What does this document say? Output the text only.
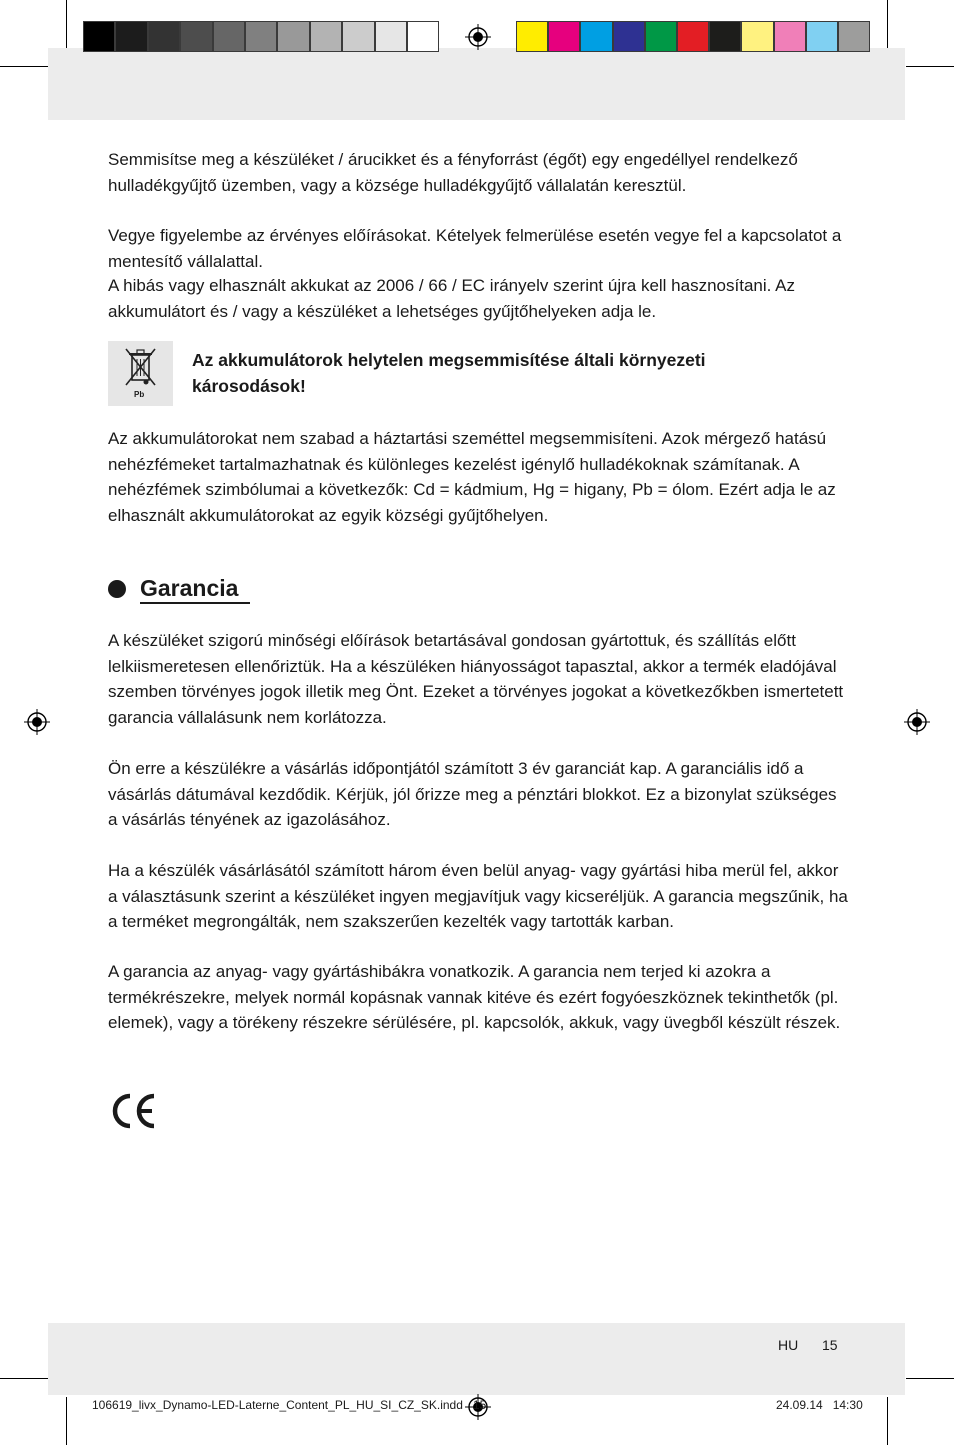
Semmisítse meg a készüléket / árucikket és a fényforrást (égőt) egy engedéllyel rendelkező hulladékgyűjtő üzemben, vagy a községe hulladékgyűjtő vállalatán keresztül.

Vegye figyelembe az érvényes előírásokat. Kételyek felmerülése esetén vegye fel a kapcsolatot a mentesítő vállalattal.

A hibás vagy elhasznált akkukat az 2006 / 66 / EC irányelv szerint újra kell hasznosítani. Az akkumulátort és / vagy a készüléket a lehetséges gyűjtőhelyeken adja le.

Pb

Az akkumulátorok helytelen megsemmisítése általi környezeti károsodások!

Az akkumulátorokat nem szabad a háztartási szeméttel megsemmisíteni. Azok mérgező hatású nehézfémeket tartalmazhatnak és különleges kezelést igénylő hulladékoknak számítanak. A nehézfémek szimbólumai a következők: Cd = kádmium, Hg = higany, Pb = ólom. Ezért adja le az elhasznált akkumulátorokat az egyik községi gyűjtőhelyen.

Garancia

A készüléket szigorú minőségi előírások betartásával gondosan gyártottuk, és szállítás előtt lelkiismeretesen ellenőriztük. Ha a készüléken hiányosságot tapasztal, akkor a termék eladójával szemben törvényes jogok illetik meg Önt. Ezeket a törvényes jogokat a következőkben ismertetett garancia vállalásunk nem korlátozza.

Ön erre a készülékre a vásárlás időpontjától számított 3 év garanciát kap. A garanciális idő a vásárlás dátumával kezdődik. Kérjük, jól őrizze meg a pénztári blokkot. Ez a bizonylat szükséges a vásárlás tényének az igazolásához.

Ha a készülék vásárlásától számított három éven belül anyag- vagy gyártási hiba merül fel, akkor a választásunk szerint a készüléket ingyen megjavítjuk vagy kicseréljük. A garancia megszűnik, ha a terméket megrongálták, nem szakszerűen kezelték vagy tartották karban.

A garancia az anyag- vagy gyártáshibákra vonatkozik. A garancia nem terjed ki azokra a termékrészekre, melyek normál kopásnak vannak kitéve és ezért fogyóeszköznek tekinthetők (pl. elemek), vagy a törékeny részekre sérülésére, pl. kapcsolók, akkuk, vagy üvegből készült részek.

HU 15
106619_livx_Dynamo-LED-Laterne_Content_PL_HU_SI_CZ_SK.indd   15	24.09.14   14:30
